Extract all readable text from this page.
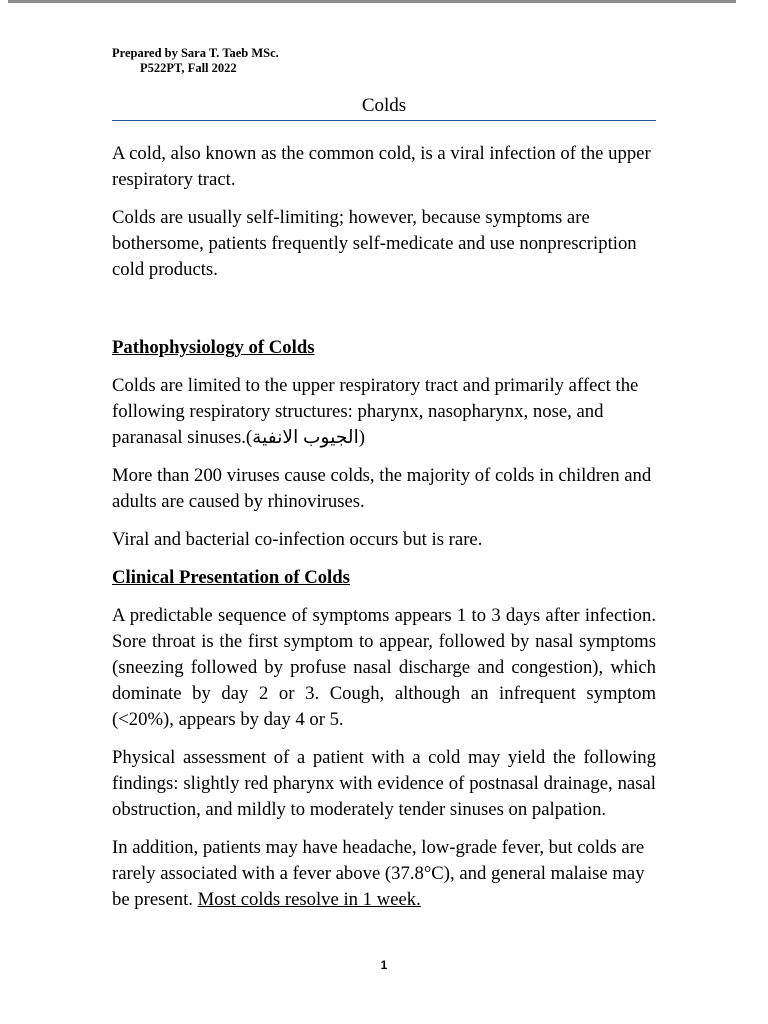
Prepared by Sara T. Taeb MSc.
P522PT, Fall 2022
Colds

A cold, also known as the common cold, is a viral infection of the upper respiratory tract.

Colds are usually self-limiting; however, because symptoms are bothersome, patients frequently self-medicate and use nonprescription cold products.

Pathophysiology of Colds

Colds are limited to the upper respiratory tract and primarily affect the following respiratory structures: pharynx, nasopharynx, nose, and paranasal sinuses.(الجيوب الانفية)

More than 200 viruses cause colds, the majority of colds in children and adults are caused by rhinoviruses.

Viral and bacterial co-infection occurs but is rare.

Clinical Presentation of Colds

A predictable sequence of symptoms appears 1 to 3 days after infection. Sore throat is the first symptom to appear, followed by nasal symptoms (sneezing followed by profuse nasal discharge and congestion), which dominate by day 2 or 3. Cough, although an infrequent symptom (<20%), appears by day 4 or 5.

Physical assessment of a patient with a cold may yield the following findings: slightly red pharynx with evidence of postnasal drainage, nasal obstruction, and mildly to moderately tender sinuses on palpation.

In addition, patients may have headache, low-grade fever, but colds are rarely associated with a fever above (37.8°C), and general malaise may be present. Most colds resolve in 1 week.

1
